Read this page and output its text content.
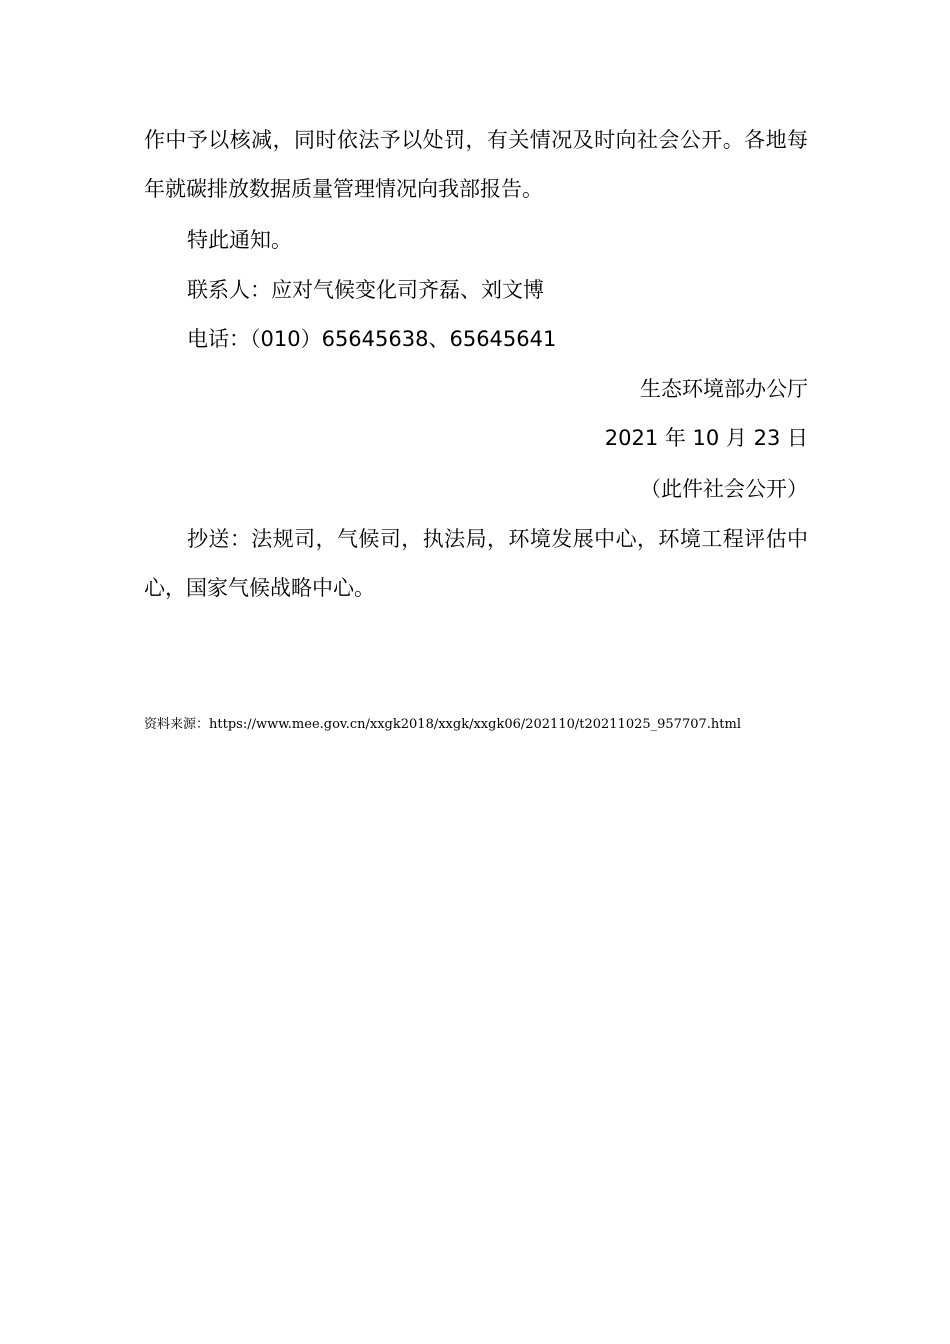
作中予以核减，同时依法予以处罚，有关情况及时向社会公开。各地每
年就碳排放数据质量管理情况向我部报告。
特此通知。
联系人：应对气候变化司齐磊、刘文博
电话：（010）65645638、65645641
生态环境部办公厅
2021 年 10 月 23 日
（此件社会公开）
抄送：法规司，气候司，执法局，环境发展中心，环境工程评估中
心，国家气候战略中心。
资料来源：https://www.mee.gov.cn/xxgk2018/xxgk/xxgk06/202110/t20211025_957707.html
